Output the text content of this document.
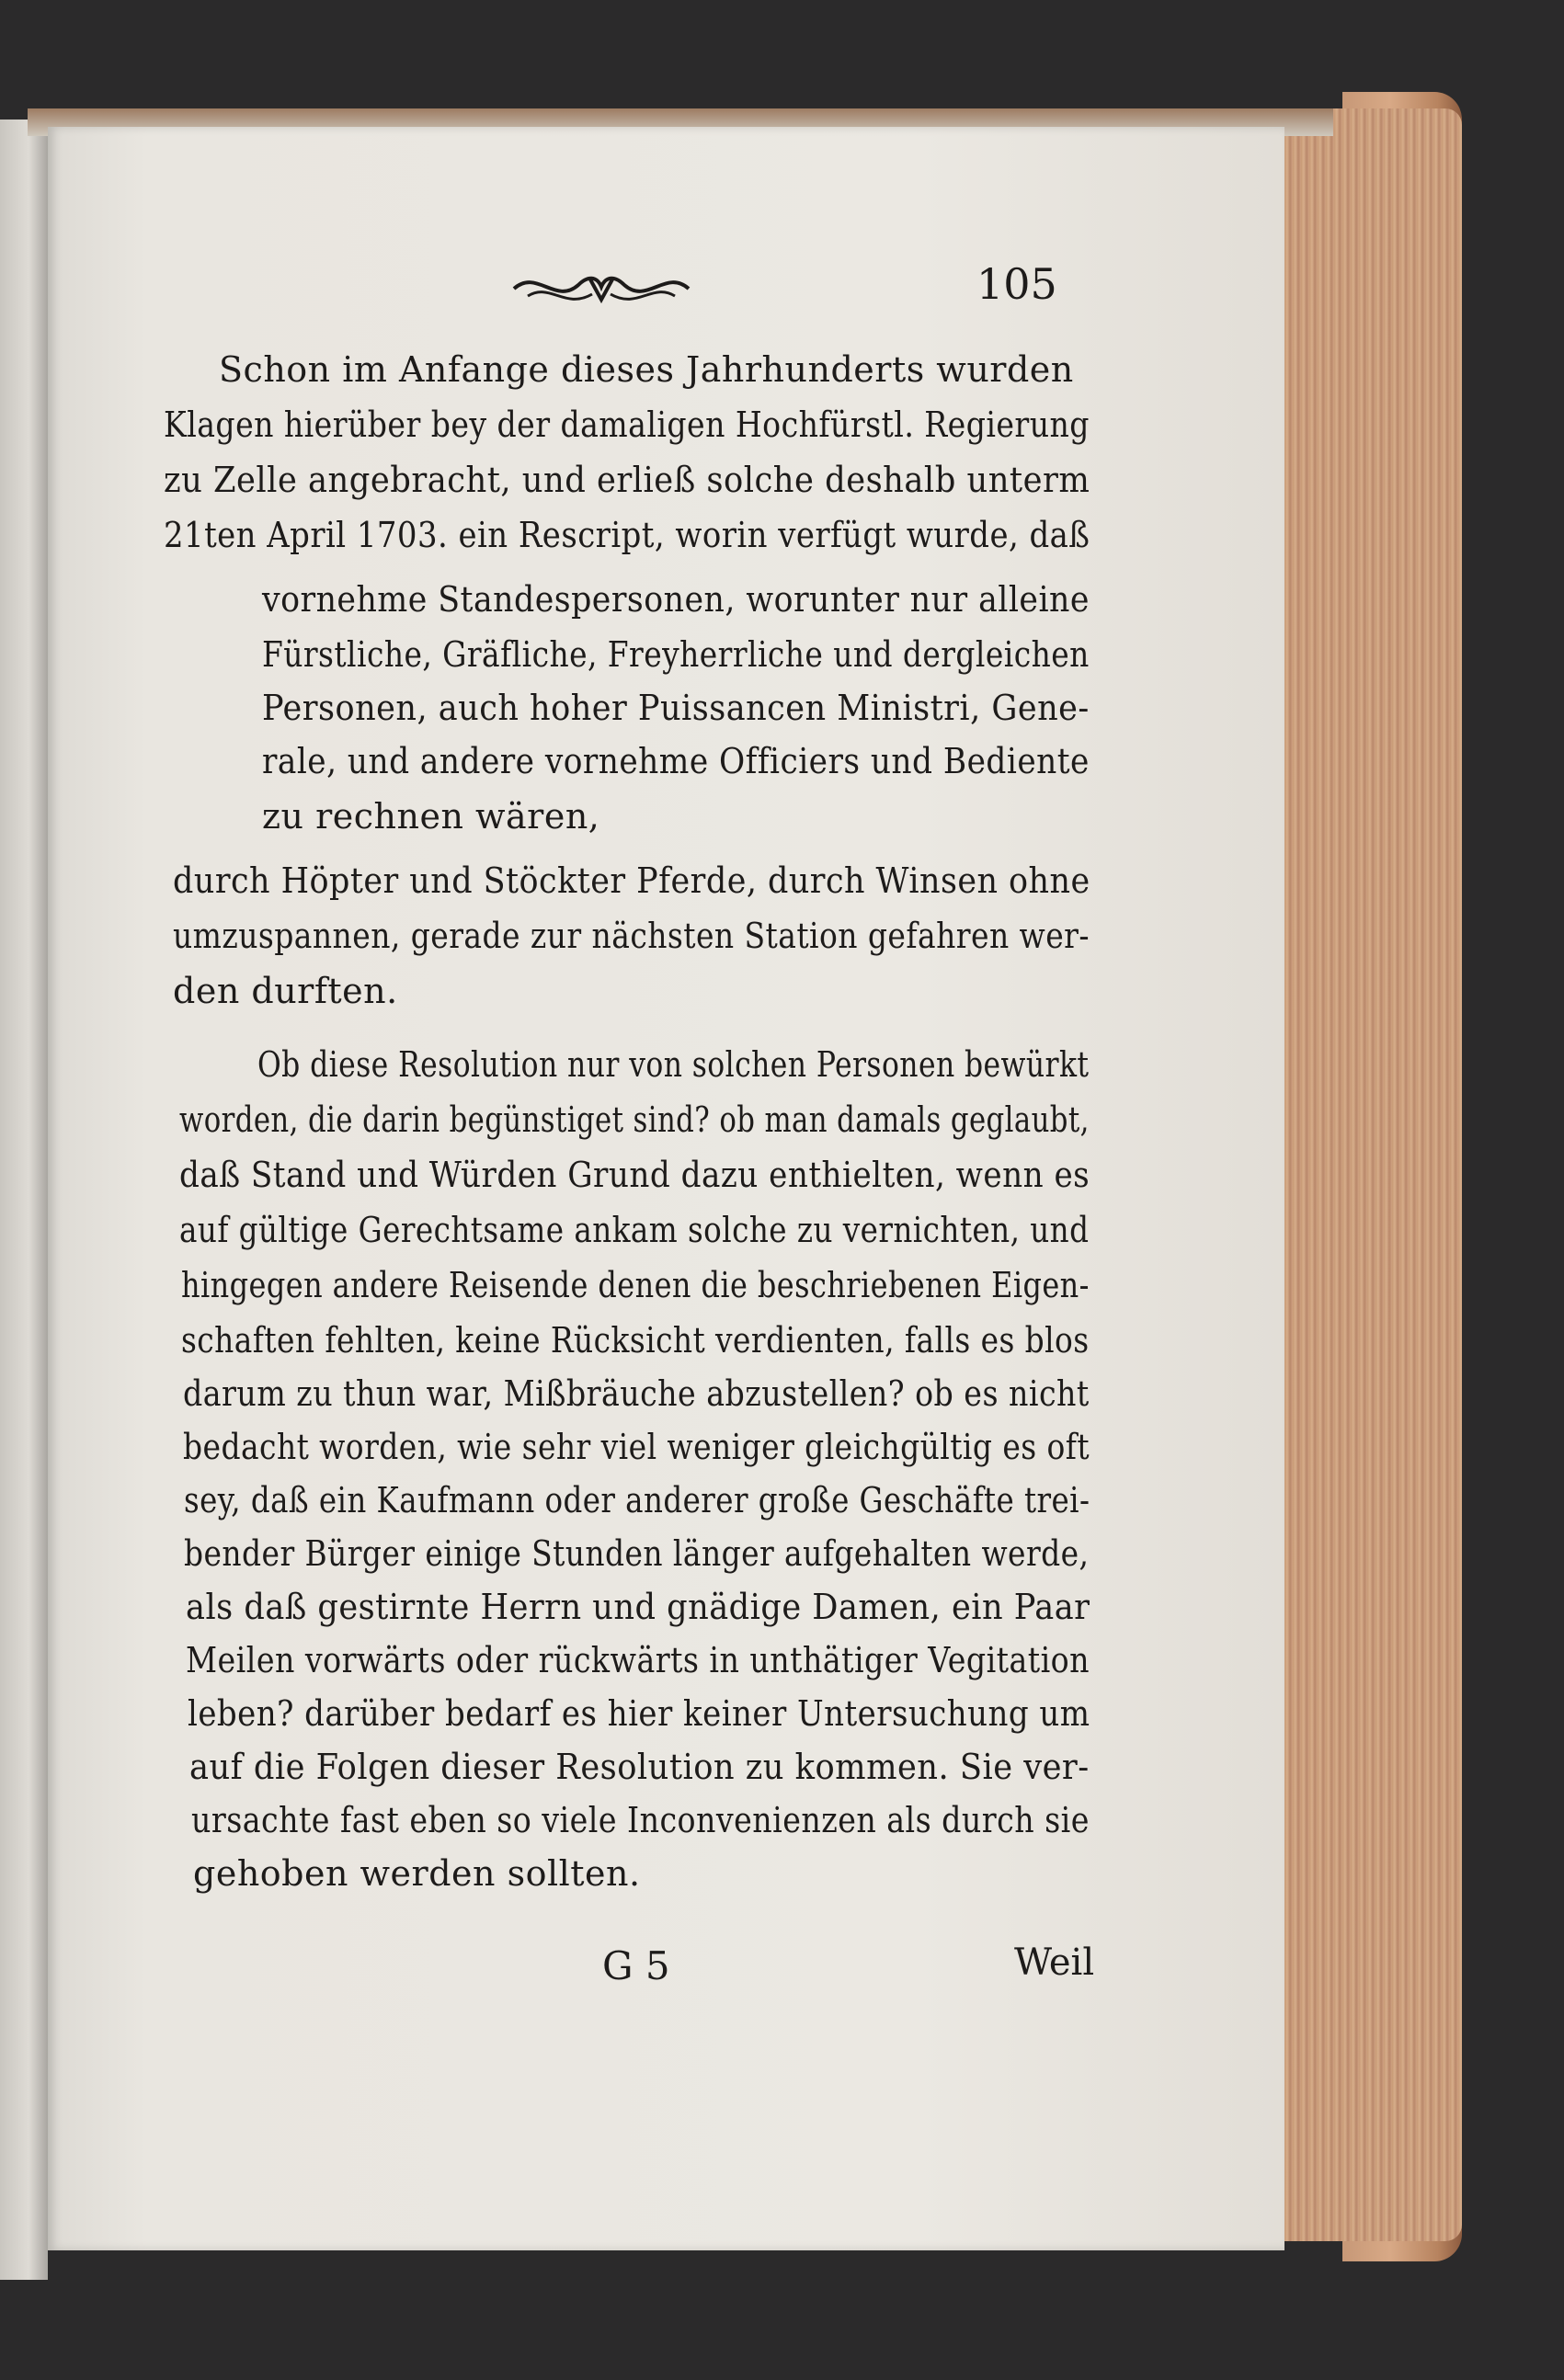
105
Schon im Anfange dieses Jahrhunderts wurden
Klagen hierüber bey der damaligen Hochfürstl. Regierung
zu Zelle angebracht, und erließ solche deshalb unterm
21ten April 1703. ein Rescript, worin verfügt wurde, daß
vornehme Standespersonen, worunter nur alleine
Fürstliche, Gräfliche, Freyherrliche und dergleichen
Personen, auch hoher Puissancen Ministri, Gene-
rale, und andere vornehme Officiers und Bediente
zu rechnen wären,
durch Höpter und Stöckter Pferde, durch Winsen ohne
umzuspannen, gerade zur nächsten Station gefahren wer-
den durften.
Ob diese Resolution nur von solchen Personen bewürkt
worden, die darin begünstiget sind? ob man damals geglaubt,
daß Stand und Würden Grund dazu enthielten, wenn es
auf gültige Gerechtsame ankam solche zu vernichten, und
hingegen andere Reisende denen die beschriebenen Eigen-
schaften fehlten, keine Rücksicht verdienten, falls es blos
darum zu thun war, Mißbräuche abzustellen? ob es nicht
bedacht worden, wie sehr viel weniger gleichgültig es oft
sey, daß ein Kaufmann oder anderer große Geschäfte trei-
bender Bürger einige Stunden länger aufgehalten werde,
als daß gestirnte Herrn und gnädige Damen, ein Paar
Meilen vorwärts oder rückwärts in unthätiger Vegitation
leben? darüber bedarf es hier keiner Untersuchung um
auf die Folgen dieser Resolution zu kommen. Sie ver-
ursachte fast eben so viele Inconvenienzen als durch sie
gehoben werden sollten.
G 5	Weil
